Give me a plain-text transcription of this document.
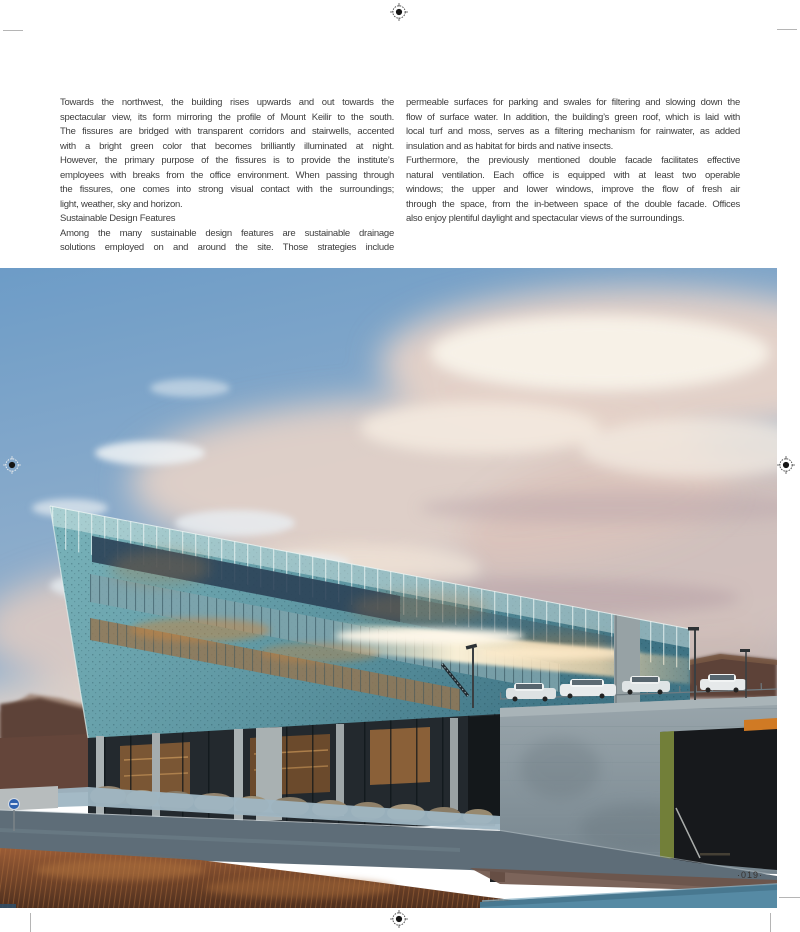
Towards the northwest, the building rises upwards and out towards the
spectacular view, its form mirroring the profile of Mount Keilir to the south.
The fissures are bridged with transparent corridors and stairwells, accented
with a bright green color that becomes brilliantly illuminated at night.
However, the primary purpose of the fissures is to provide the institute’s
employees with breaks from the office environment. When passing through
the fissures, one comes into strong visual contact with the surroundings;
light, weather, sky and horizon.
Sustainable Design Features
Among the many sustainable design features are sustainable drainage
solutions employed on and around the site. Those strategies include
permeable surfaces for parking and swales for filtering and slowing down the
flow of surface water. In addition, the building’s green roof, which is laid with
local turf and moss, serves as a filtering mechanism for rainwater, as added
insulation and as habitat for birds and native insects.
Furthermore, the previously mentioned double facade facilitates effective
natural ventilation. Each office is equipped with at least two operable
windows; the upper and lower windows, improve the flow of fresh air
through the space, from the in-between space of the double facade. Offices
also enjoy plentiful daylight and spectacular views of the surroundings.
·019·
